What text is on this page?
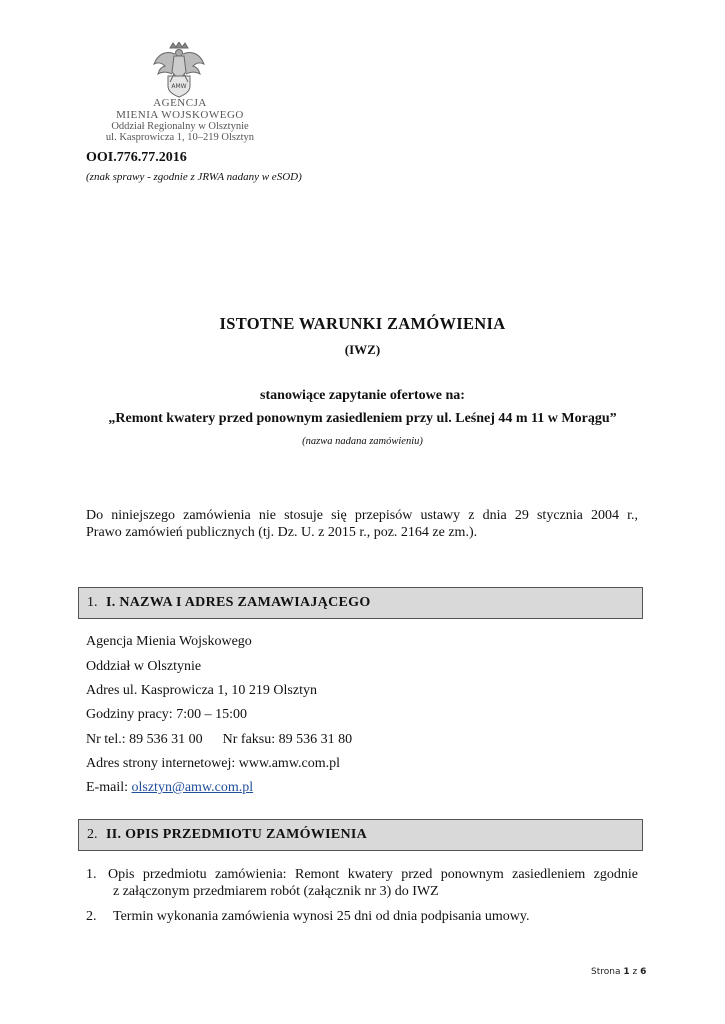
AMW
AGENCJA
MIENIA WOJSKOWEGO
Oddział Regionalny w Olsztynie
ul. Kasprowicza 1, 10–219 Olsztyn
OOI.776.77.2016
(znak sprawy - zgodnie z JRWA nadany w eSOD)
ISTOTNE WARUNKI ZAMÓWIENIA
(IWZ)
stanowiące zapytanie ofertowe na:
„Remont kwatery przed ponownym zasiedleniem przy ul. Leśnej 44 m 11 w Morągu”
(nazwa nadana zamówieniu)
Do niniejszego zamówienia nie stosuje się przepisów ustawy z dnia 29 stycznia 2004 r.,
Prawo zamówień publicznych (tj. Dz. U. z 2015 r., poz. 2164 ze zm.).
1. I. NAZWA I ADRES ZAMAWIAJĄCEGO
Agencja Mienia Wojskowego
Oddział w Olsztynie
Adres ul. Kasprowicza 1, 10 219 Olsztyn
Godziny pracy: 7:00 – 15:00
Nr tel.: 89 536 31 00 Nr faksu: 89 536 31 80
Adres strony internetowej: www.amw.com.pl
E-mail: olsztyn@amw.com.pl
2. II. OPIS PRZEDMIOTU ZAMÓWIENIA
1. Opis przedmiotu zamówienia: Remont kwatery przed ponownym zasiedleniem zgodnie
z załączonym przedmiarem robót (załącznik nr 3) do IWZ
2. Termin wykonania zamówienia wynosi 25 dni od dnia podpisania umowy.
Strona 1 z 6
